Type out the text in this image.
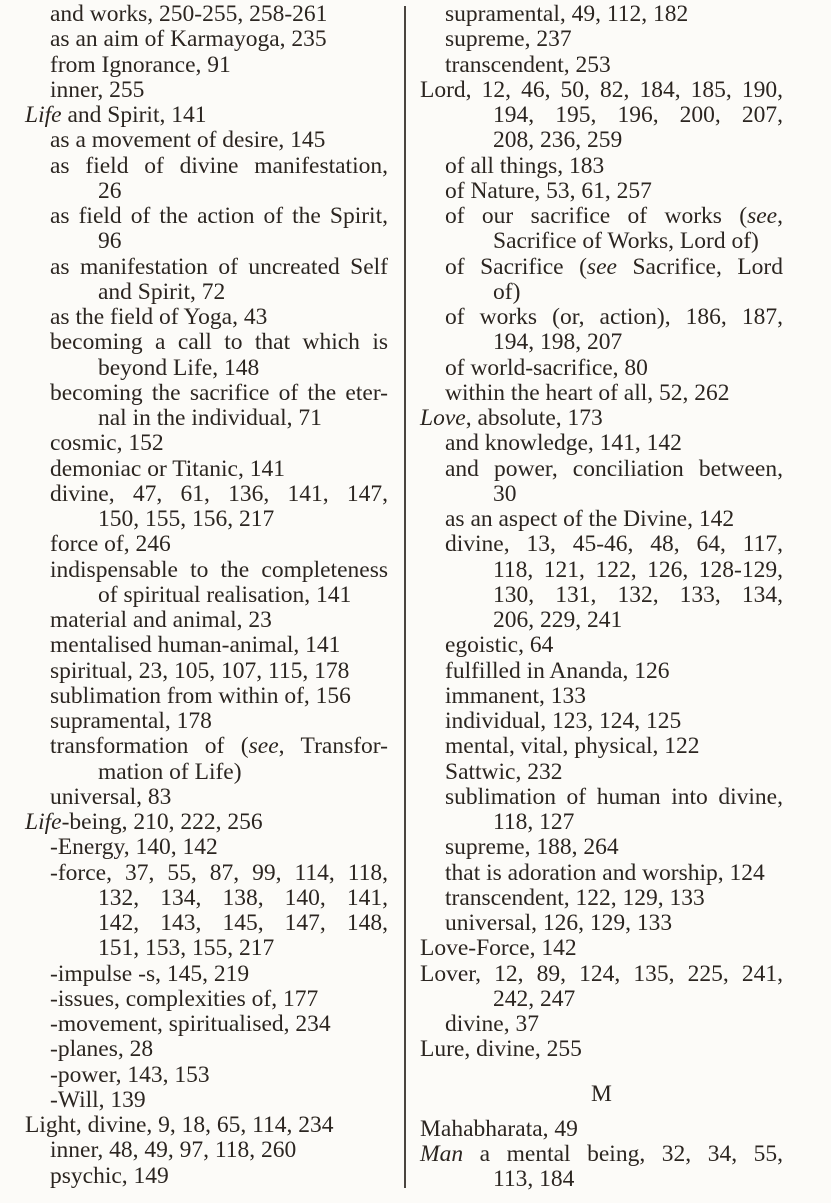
and works, 250-255, 258-261
as an aim of Karmayoga, 235
from Ignorance, 91
inner, 255
Life and Spirit, 141
as a movement of desire, 145
as field of divine manifestation,
26
as field of the action of the Spirit,
96
as manifestation of uncreated Self
and Spirit, 72
as the field of Yoga, 43
becoming a call to that which is
beyond Life, 148
becoming the sacrifice of the eter-
nal in the individual, 71
cosmic, 152
demoniac or Titanic, 141
divine, 47, 61, 136, 141, 147,
150, 155, 156, 217
force of, 246
indispensable to the completeness
of spiritual realisation, 141
material and animal, 23
mentalised human-animal, 141
spiritual, 23, 105, 107, 115, 178
sublimation from within of, 156
supramental, 178
transformation of (see, Transfor-
mation of Life)
universal, 83
Life-being, 210, 222, 256
-Energy, 140, 142
-force, 37, 55, 87, 99, 114, 118,
132, 134, 138, 140, 141,
142, 143, 145, 147, 148,
151, 153, 155, 217
-impulse -s, 145, 219
-issues, complexities of, 177
-movement, spiritualised, 234
-planes, 28
-power, 143, 153
-Will, 139
Light, divine, 9, 18, 65, 114, 234
inner, 48, 49, 97, 118, 260
psychic, 149
supramental, 49, 112, 182
supreme, 237
transcendent, 253
Lord, 12, 46, 50, 82, 184, 185, 190,
194, 195, 196, 200, 207,
208, 236, 259
of all things, 183
of Nature, 53, 61, 257
of our sacrifice of works (see,
Sacrifice of Works, Lord of)
of Sacrifice (see Sacrifice, Lord
of)
of works (or, action), 186, 187,
194, 198, 207
of world-sacrifice, 80
within the heart of all, 52, 262
Love, absolute, 173
and knowledge, 141, 142
and power, conciliation between,
30
as an aspect of the Divine, 142
divine, 13, 45-46, 48, 64, 117,
118, 121, 122, 126, 128-129,
130, 131, 132, 133, 134,
206, 229, 241
egoistic, 64
fulfilled in Ananda, 126
immanent, 133
individual, 123, 124, 125
mental, vital, physical, 122
Sattwic, 232
sublimation of human into divine,
118, 127
supreme, 188, 264
that is adoration and worship, 124
transcendent, 122, 129, 133
universal, 126, 129, 133
Love-Force, 142
Lover, 12, 89, 124, 135, 225, 241,
242, 247
divine, 37
Lure, divine, 255
M
Mahabharata, 49
Man a mental being, 32, 34, 55,
113, 184
